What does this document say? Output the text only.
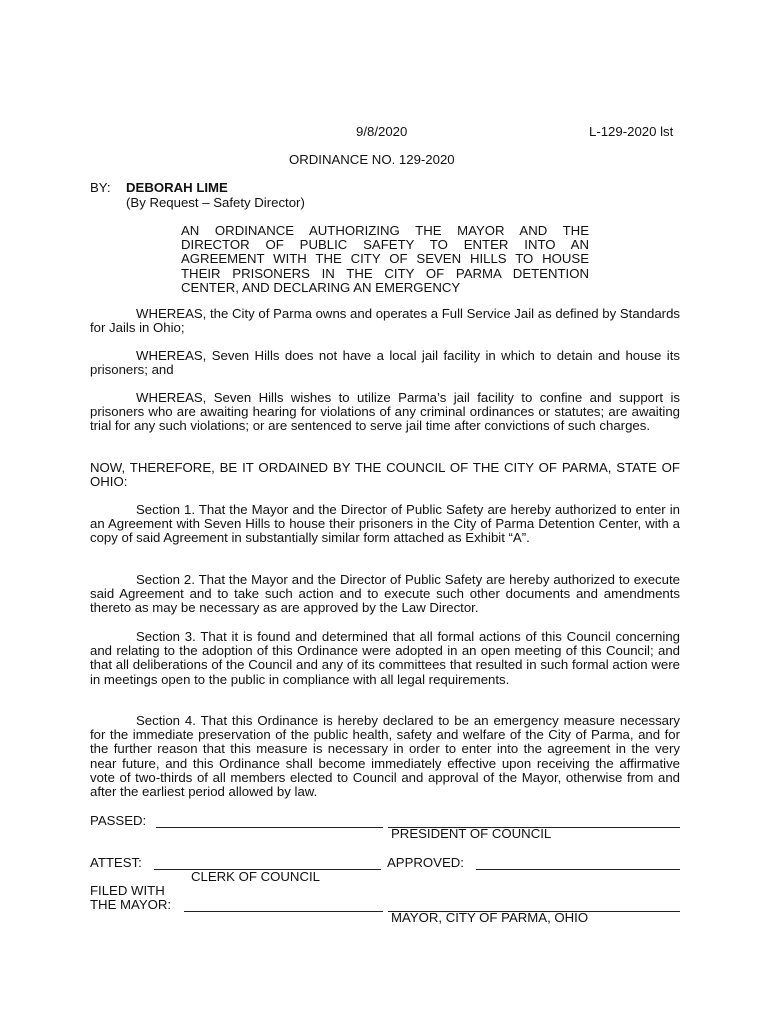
9/8/2020	L-129-2020 lst
ORDINANCE NO. 129-2020
BY: DEBORAH LIME
(By Request – Safety Director)
AN ORDINANCE AUTHORIZING THE MAYOR AND THE
DIRECTOR OF PUBLIC SAFETY TO ENTER INTO AN
AGREEMENT WITH THE CITY OF SEVEN HILLS TO HOUSE
THEIR PRISONERS IN THE CITY OF PARMA DETENTION
CENTER, AND DECLARING AN EMERGENCY

WHEREAS, the City of Parma owns and operates a Full Service Jail as defined by Standards for Jails in Ohio;

WHEREAS, Seven Hills does not have a local jail facility in which to detain and house its prisoners; and

WHEREAS, Seven Hills wishes to utilize Parma’s jail facility to confine and support is prisoners who are awaiting hearing for violations of any criminal ordinances or statutes; are awaiting trial for any such violations; or are sentenced to serve jail time after convictions of such charges.

NOW, THEREFORE, BE IT ORDAINED BY THE COUNCIL OF THE CITY OF PARMA, STATE OF OHIO:

Section 1. That the Mayor and the Director of Public Safety are hereby authorized to enter in an Agreement with Seven Hills to house their prisoners in the City of Parma Detention Center, with a copy of said Agreement in substantially similar form attached as Exhibit “A”.

Section 2. That the Mayor and the Director of Public Safety are hereby authorized to execute said Agreement and to take such action and to execute such other documents and amendments thereto as may be necessary as are approved by the Law Director.

Section 3. That it is found and determined that all formal actions of this Council concerning and relating to the adoption of this Ordinance were adopted in an open meeting of this Council; and that all deliberations of the Council and any of its committees that resulted in such formal action were in meetings open to the public in compliance with all legal requirements.

Section 4. That this Ordinance is hereby declared to be an emergency measure necessary for the immediate preservation of the public health, safety and welfare of the City of Parma, and for the further reason that this measure is necessary in order to enter into the agreement in the very near future, and this Ordinance shall become immediately effective upon receiving the affirmative vote of two-thirds of all members elected to Council and approval of the Mayor, otherwise from and after the earliest period allowed by law.

PASSED:
PRESIDENT OF COUNCIL
ATTEST:	APPROVED:
CLERK OF COUNCIL
FILED WITH
THE MAYOR:
MAYOR, CITY OF PARMA, OHIO
